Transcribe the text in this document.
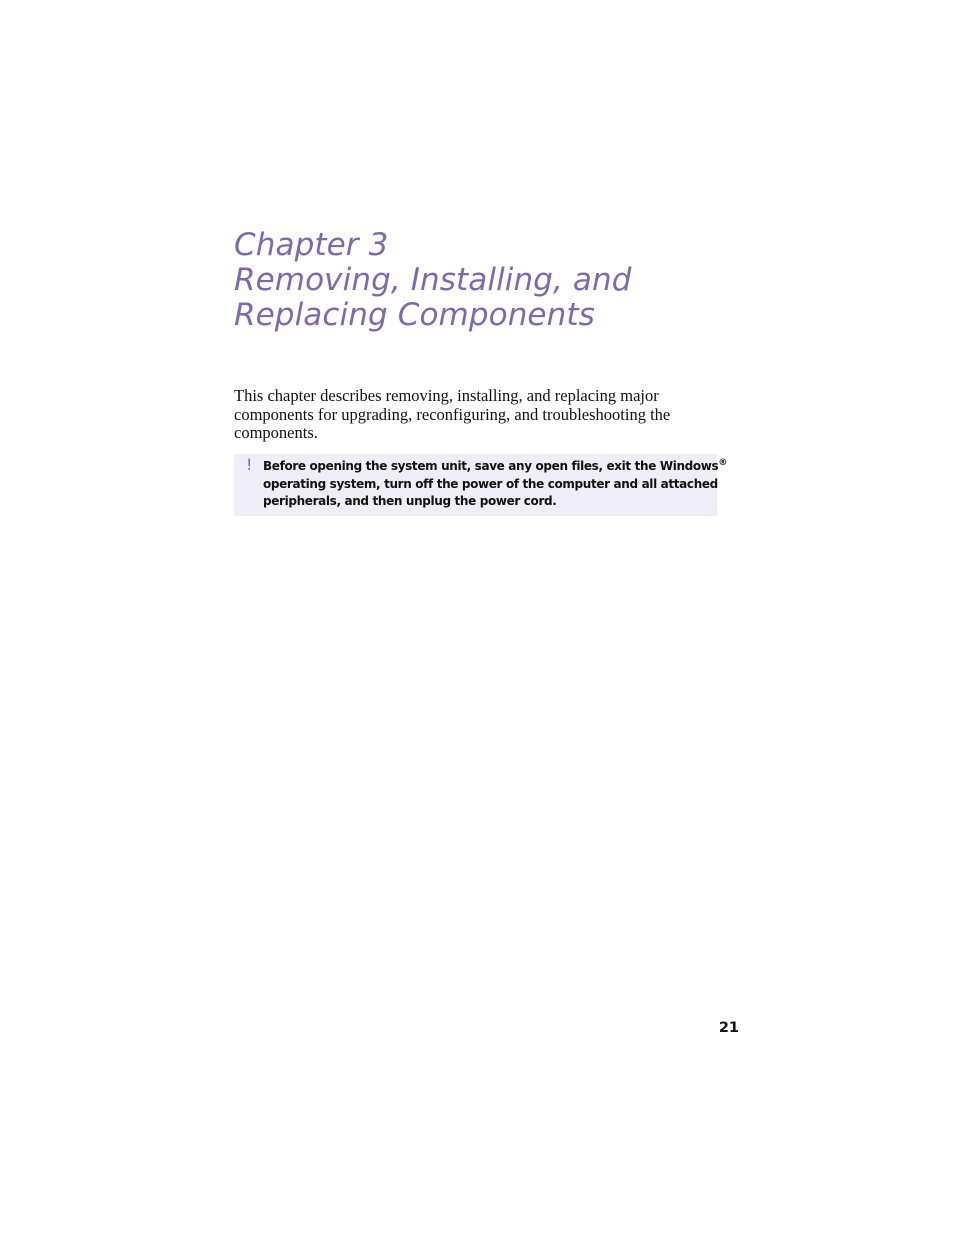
Chapter 3
Removing, Installing, and
Replacing Components

This chapter describes removing, installing, and replacing major components for upgrading, reconfiguring, and troubleshooting the components.

! Before opening the system unit, save any open files, exit the Windows®
operating system, turn off the power of the computer and all attached
peripherals, and then unplug the power cord.

21
